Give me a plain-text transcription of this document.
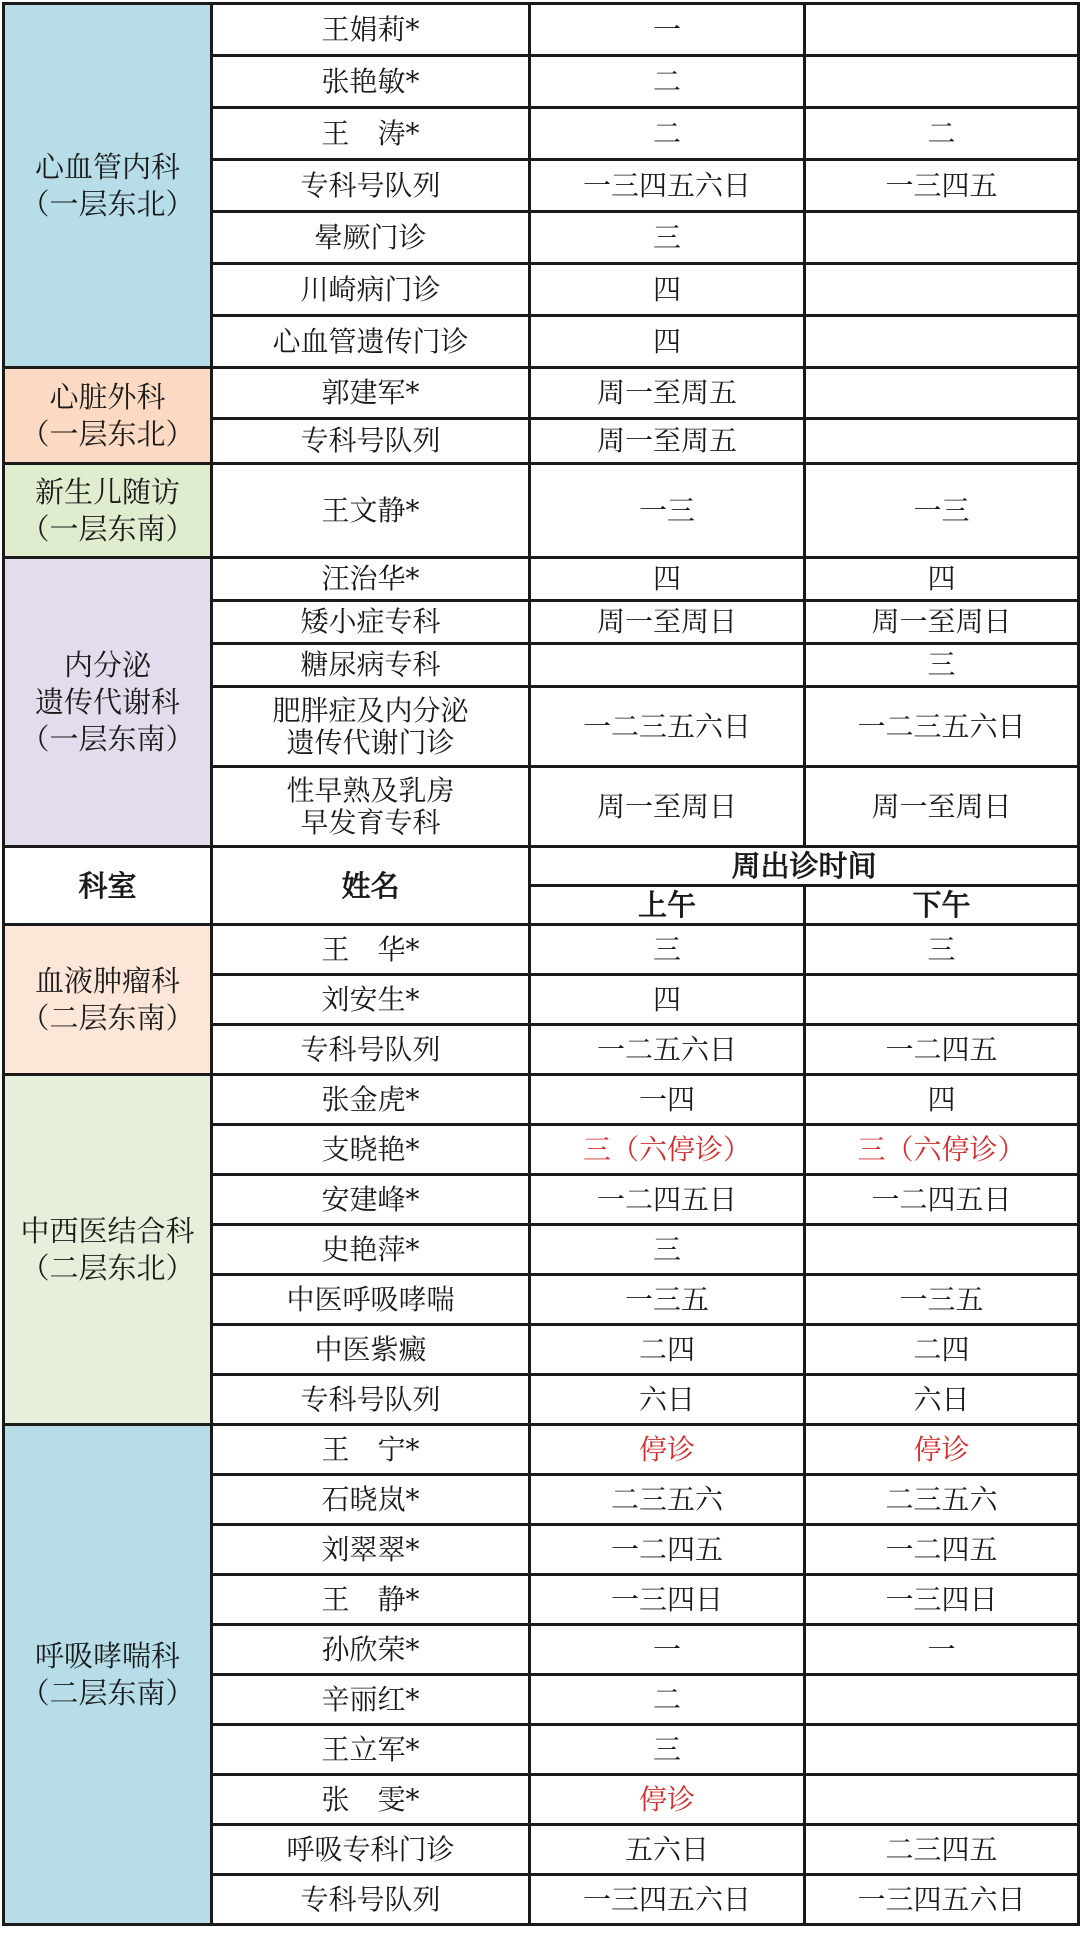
心血管内科
（一层东北）	王娟莉*	一	
	张艳敏*	二	
	王　涛*	二	二
	专科号队列	一三四五六日	一三四五
	晕厥门诊	三	
	川崎病门诊	四	
	心血管遗传门诊	四	
心脏外科
（一层东北）	郭建军*	周一至周五	
	专科号队列	周一至周五	
新生儿随访
（一层东南）	王文静*	一三	一三
内分泌
遗传代谢科
（一层东南）	汪治华*	四	四
	矮小症专科	周一至周日	周一至周日
	糖尿病专科		三
	肥胖症及内分泌
遗传代谢门诊	一二三五六日	一二三五六日
	性早熟及乳房
早发育专科	周一至周日	周一至周日
科室	姓名	周出诊时间	
		上午	下午
血液肿瘤科
（二层东南）	王　华*	三	三
	刘安生*	四	
	专科号队列	一二五六日	一二四五
中西医结合科
（二层东北）	张金虎*	一四	四
	支晓艳*	三（六停诊）	三（六停诊）
	安建峰*	一二四五日	一二四五日
	史艳萍*	三	
	中医呼吸哮喘	一三五	一三五
	中医紫癜	二四	二四
	专科号队列	六日	六日
呼吸哮喘科
（二层东南）	王　宁*	停诊	停诊
	石晓岚*	二三五六	二三五六
	刘翠翠*	一二四五	一二四五
	王　静*	一三四日	一三四日
	孙欣荣*	一	一
	辛丽红*	二	
	王立军*	三	
	张　雯*	停诊	
	呼吸专科门诊	五六日	二三四五
	专科号队列	一三四五六日	一三四五六日
